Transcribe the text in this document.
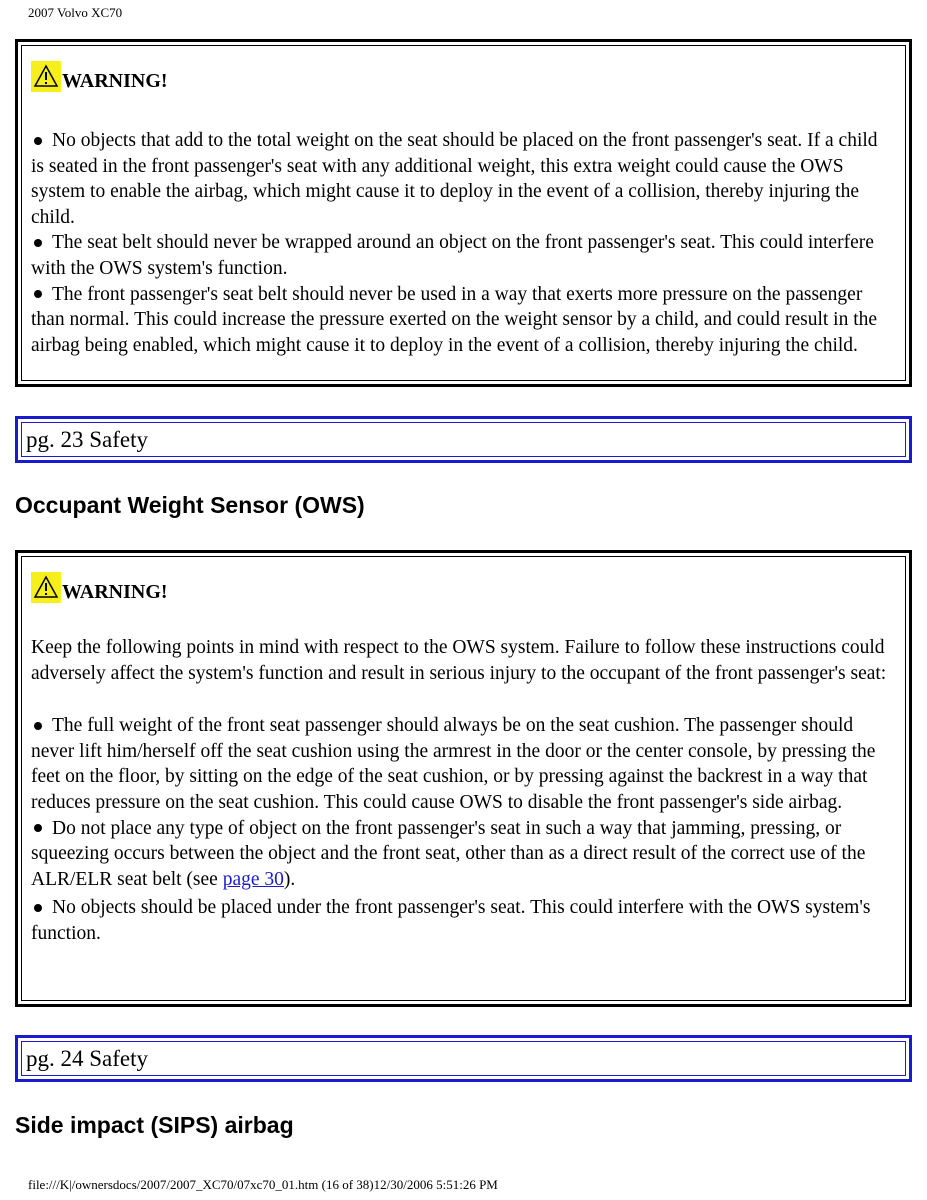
2007 Volvo XC70
WARNING!

No objects that add to the total weight on the seat should be placed on the front passenger's seat. If a child is seated in the front passenger's seat with any additional weight, this extra weight could cause the OWS system to enable the airbag, which might cause it to deploy in the event of a collision, thereby injuring the child.

The seat belt should never be wrapped around an object on the front passenger's seat. This could interfere with the OWS system's function.

The front passenger's seat belt should never be used in a way that exerts more pressure on the passenger than normal. This could increase the pressure exerted on the weight sensor by a child, and could result in the airbag being enabled, which might cause it to deploy in the event of a collision, thereby injuring the child.

pg. 23 Safety
Occupant Weight Sensor (OWS)
WARNING!

Keep the following points in mind with respect to the OWS system. Failure to follow these instructions could adversely affect the system's function and result in serious injury to the occupant of the front passenger's seat:

The full weight of the front seat passenger should always be on the seat cushion. The passenger should never lift him/herself off the seat cushion using the armrest in the door or the center console, by pressing the feet on the floor, by sitting on the edge of the seat cushion, or by pressing against the backrest in a way that reduces pressure on the seat cushion. This could cause OWS to disable the front passenger's side airbag.

Do not place any type of object on the front passenger's seat in such a way that jamming, pressing, or squeezing occurs between the object and the front seat, other than as a direct result of the correct use of the ALR/ELR seat belt (see page 30).

No objects should be placed under the front passenger's seat. This could interfere with the OWS system's function.

pg. 24 Safety
Side impact (SIPS) airbag
file:///K|/ownersdocs/2007/2007_XC70/07xc70_01.htm (16 of 38)12/30/2006 5:51:26 PM
